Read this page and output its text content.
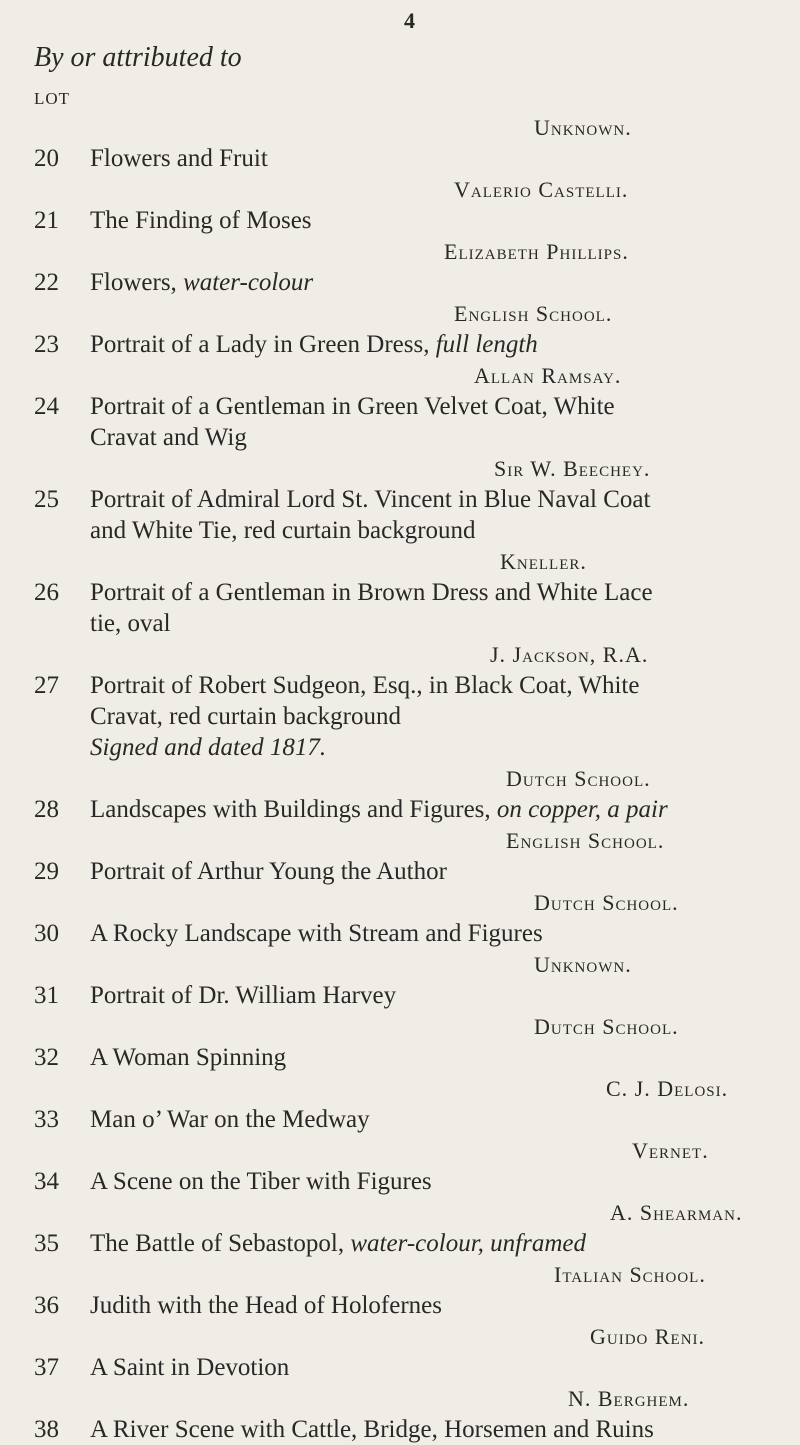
4
By or attributed to
LOT
Unknown.
20	Flowers and Fruit
Valerio Castelli.
21	The Finding of Moses
Elizabeth Phillips.
22	Flowers, water-colour
English School.
23	Portrait of a Lady in Green Dress, full length
Allan Ramsay.
24	Portrait of a Gentleman in Green Velvet Coat, White
Cravat and Wig
Sir W. Beechey.
25	Portrait of Admiral Lord St. Vincent in Blue Naval Coat
and White Tie, red curtain background
Kneller.
26	Portrait of a Gentleman in Brown Dress and White Lace
tie, oval
J. Jackson, R.A.
27	Portrait of Robert Sudgeon, Esq., in Black Coat, White
Cravat, red curtain background
Signed and dated 1817.
Dutch School.
28	Landscapes with Buildings and Figures, on copper, a pair
English School.
29	Portrait of Arthur Young the Author
Dutch School.
30	A Rocky Landscape with Stream and Figures
Unknown.
31	Portrait of Dr. William Harvey
Dutch School.
32	A Woman Spinning
C. J. Delosi.
33	Man o’ War on the Medway
Vernet.
34	A Scene on the Tiber with Figures
A. Shearman.
35	The Battle of Sebastopol, water-colour, unframed
Italian School.
36	Judith with the Head of Holofernes
Guido Reni.
37	A Saint in Devotion
N. Berghem.
38	A River Scene with Cattle, Bridge, Horsemen and Ruins
